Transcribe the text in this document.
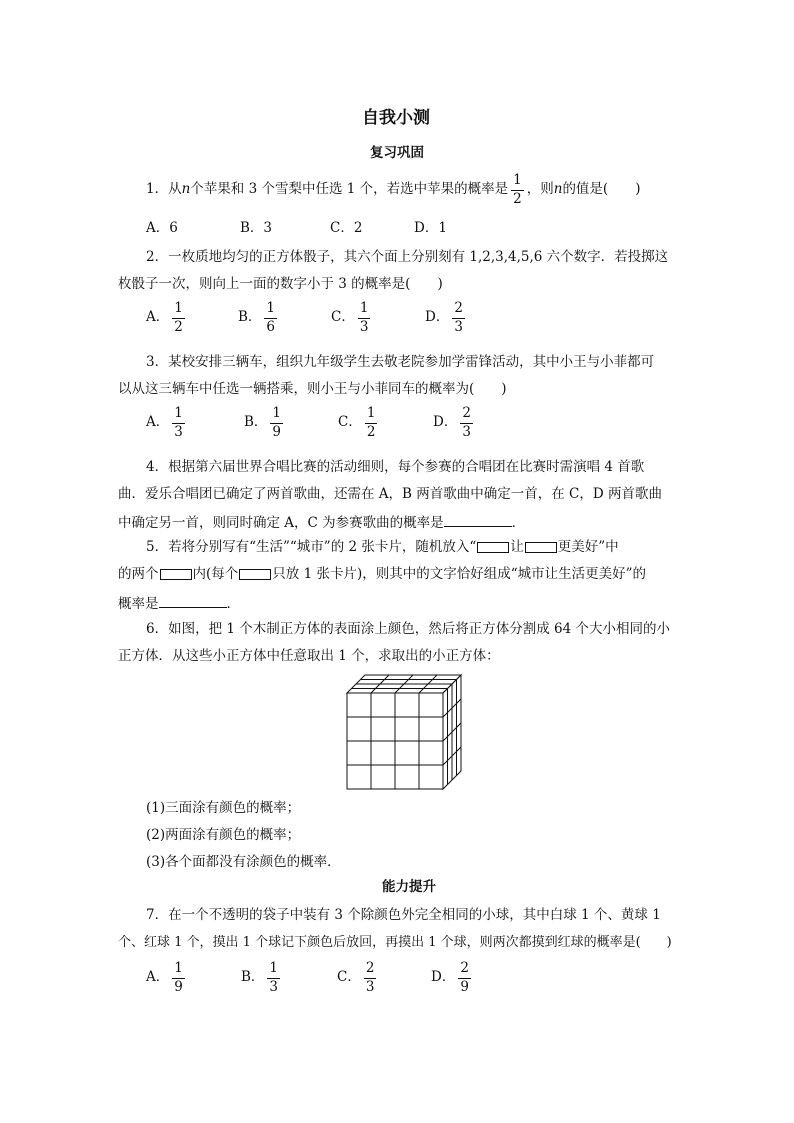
自我小测
复习巩固
1．从 n 个苹果和 3 个雪梨中任选 1 个，若选中苹果的概率是 $\frac{1}{2}$ ，则 n 的值是(　　)
A．6	B．3	C．2	D．1
2．一枚质地均匀的正方体骰子，其六个面上分别刻有 1,2,3,4,5,6 六个数字．若投掷这
枚骰子一次，则向上一面的数字小于 3 的概率是(　　)
A． $\frac{1}{2}$	B． $\frac{1}{6}$	C． $\frac{1}{3}$	D． $\frac{2}{3}$
3．某校安排三辆车，组织九年级学生去敬老院参加学雷锋活动，其中小王与小菲都可
以从这三辆车中任选一辆搭乘，则小王与小菲同车的概率为(　　)
A． $\frac{1}{3}$	B． $\frac{1}{9}$	C． $\frac{1}{2}$	D． $\frac{2}{3}$
4．根据第六届世界合唱比赛的活动细则，每个参赛的合唱团在比赛时需演唱 4 首歌
曲．爱乐合唱团已确定了两首歌曲，还需在 A，B 两首歌曲中确定一首，在 C，D 两首歌曲
中确定另一首，则同时确定 A，C 为参赛歌曲的概率是	．
5．若将分别写有“生活”“城市”的 2 张卡片，随机放入“	让	更美好”中
的两个	内(每个	只放 1 张卡片)，则其中的文字恰好组成“城市让生活更美好”的
概率是	．
6．如图，把 1 个木制正方体的表面涂上颜色，然后将正方体分割成 64 个大小相同的小
正方体．从这些小正方体中任意取出 1 个，求取出的小正方体：
(1)三面涂有颜色的概率；
(2)两面涂有颜色的概率；
(3)各个面都没有涂颜色的概率．
能力提升
7．在一个不透明的袋子中装有 3 个除颜色外完全相同的小球，其中白球 1 个、黄球 1
个、红球 1 个，摸出 1 个球记下颜色后放回，再摸出 1 个球，则两次都摸到红球的概率是(　　)
A． $\frac{1}{9}$	B． $\frac{1}{3}$	C． $\frac{2}{3}$	D． $\frac{2}{9}$
